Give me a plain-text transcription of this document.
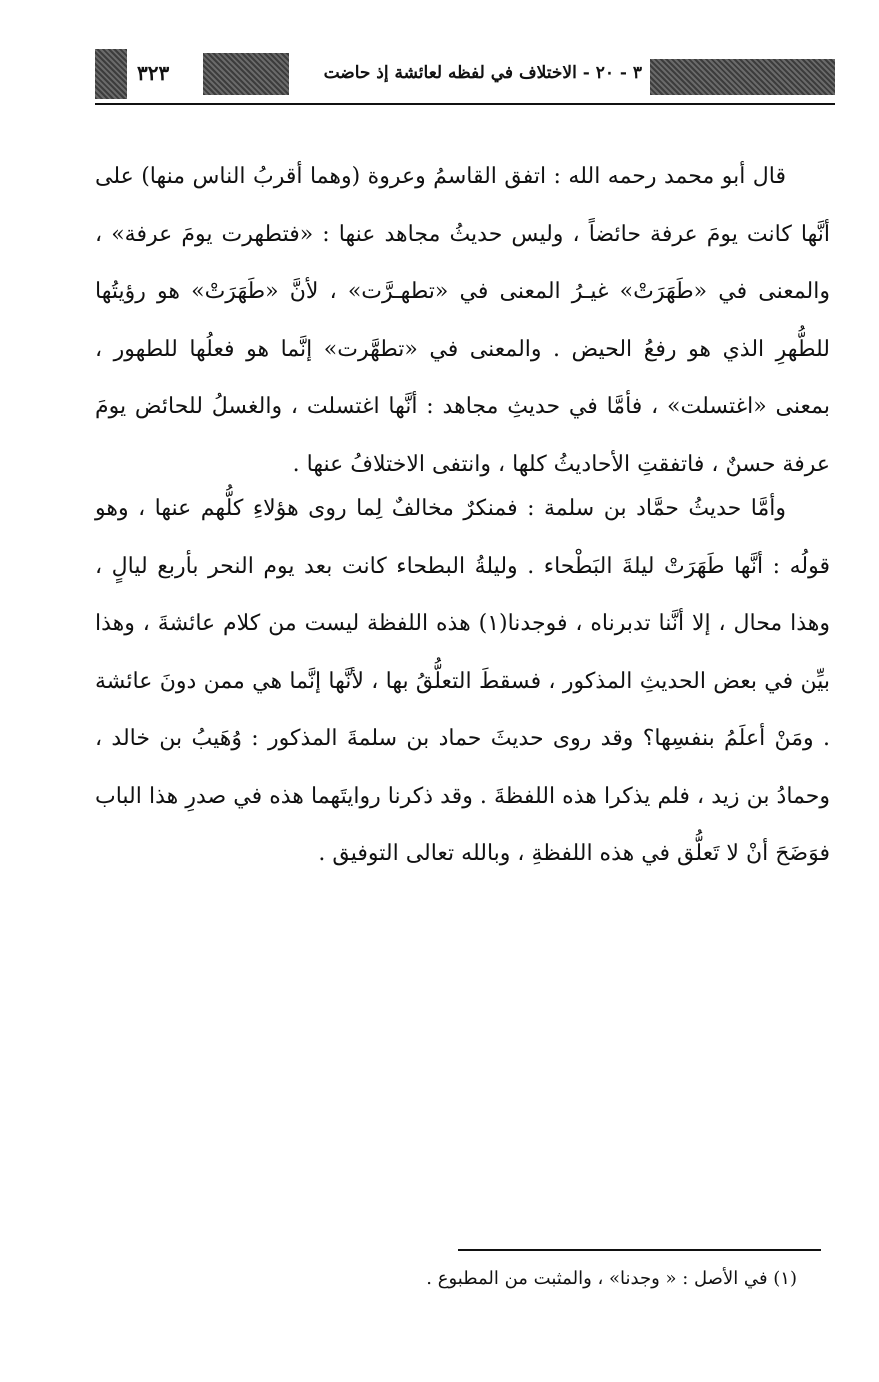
٣ - ٢٠ - الاختلاف في لفظه لعائشة إذ حاضت
٣٢٣

قال أبو محمد رحمه الله : اتفق القاسمُ وعروة (وهما أقربُ الناس منها) على أنَّها كانت يومَ عرفة حائضاً ، وليس حديثُ مجاهد عنها : «فتطهرت يومَ عرفة» ، والمعنى في «طَهَرَتْ» غيـرُ المعنى في «تطهـرَّت» ، لأنَّ «طَهَرَتْ» هو رؤيتُها للطُّهرِ الذي هو رفعُ الحيض . والمعنى في «تطهَّرت» إنَّما هو فعلُها للطهور ، بمعنى «اغتسلت» ، فأمَّا في حديثِ مجاهد : أنَّها اغتسلت ، والغسلُ للحائض يومَ عرفة حسنٌ ، فاتفقتِ الأحاديثُ كلها ، وانتفى الاختلافُ عنها .

وأمَّا حديثُ حمَّاد بن سلمة : فمنكرٌ مخالفٌ لِما روى هؤلاءِ كلُّهم عنها ، وهو قولُه : أنَّها طَهَرَتْ ليلةَ البَطْحاء . وليلةُ البطحاء كانت بعد يوم النحر بأربع ليالٍ ، وهذا محال ، إلا أنَّنا تدبرناه ، فوجدنا(١) هذه اللفظة ليست من كلام عائشةَ ، وهذا بيِّن في بعض الحديثِ المذكور ، فسقطَ التعلُّقُ بها ، لأنَّها إنَّما هي ممن دونَ عائشة . ومَنْ أعلَمُ بنفسِها؟ وقد روى حديثَ حماد بن سلمةَ المذكور : وُهَيبُ بن خالد ، وحمادُ بن زيد ، فلم يذكرا هذه اللفظةَ . وقد ذكرنا روايتَهما هذه في صدرِ هذا الباب فوَضَحَ أنْ لا تَعلُّق في هذه اللفظةِ ، وبالله تعالى التوفيق .

(١) في الأصل : « وجدنا» ، والمثبت من المطبوع .
